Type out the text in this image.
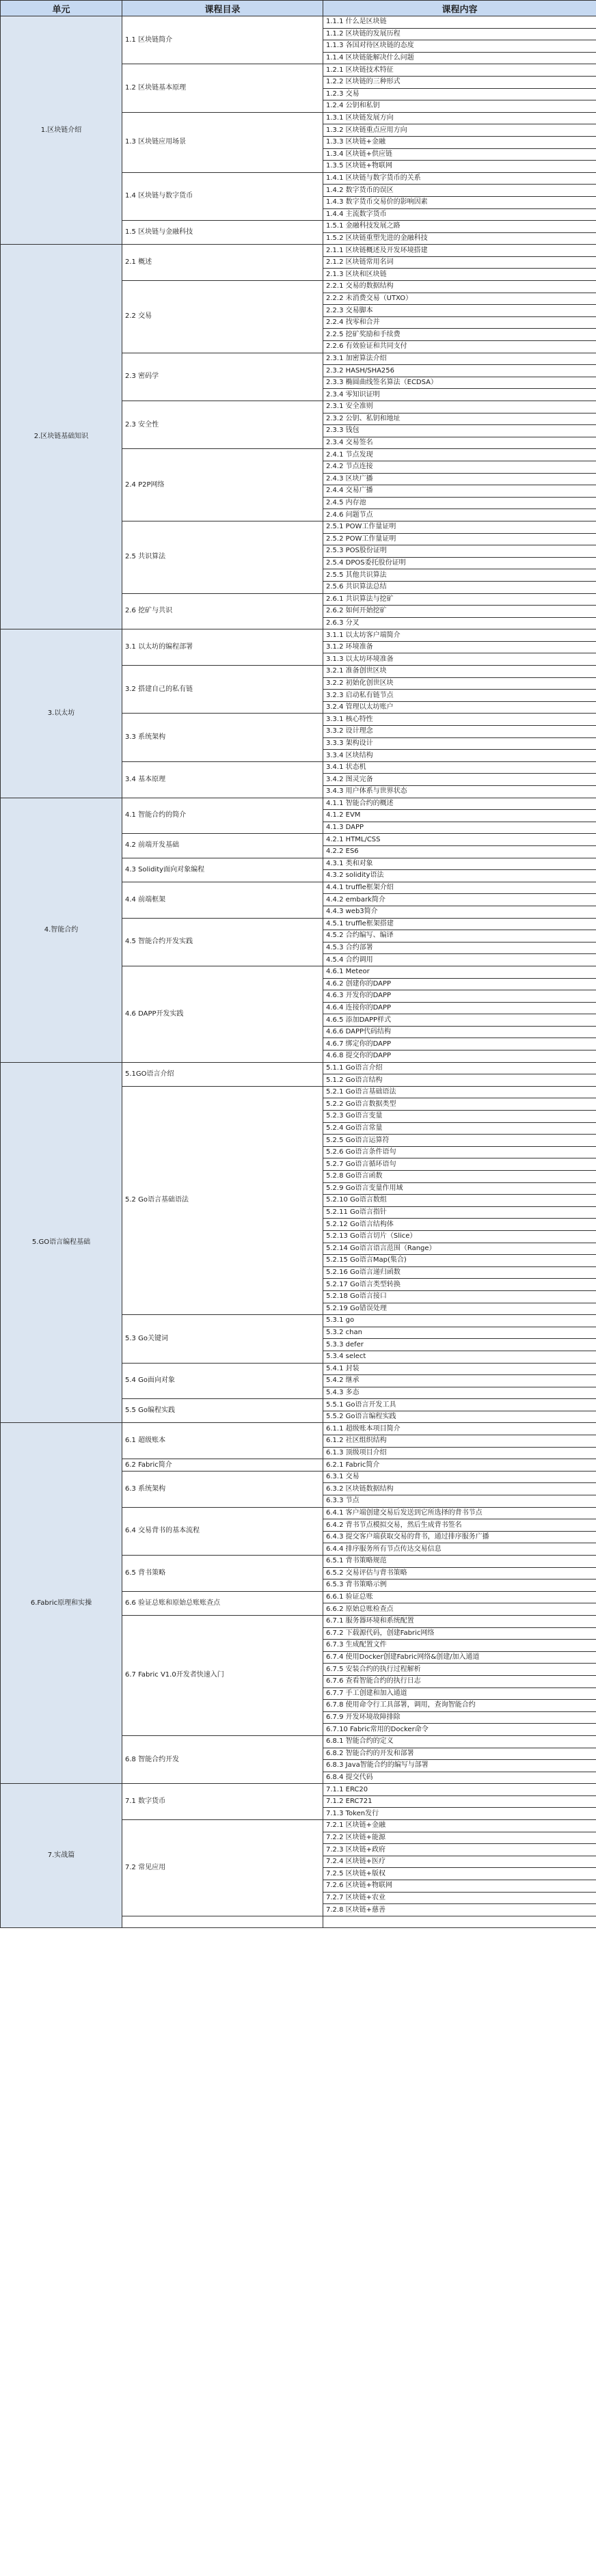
单元	课程目录	课程内容
1.区块链介绍	1.1 区块链简介	1.1.1 什么是区块链
		1.1.2 区块链的发展历程
		1.1.3 各国对待区块链的态度
		1.1.4 区块链能解决什么问题
	1.2 区块链基本原理	1.2.1 区块链技术特征
		1.2.2 区块链的三种形式
		1.2.3 交易
		1.2.4 公钥和私钥
	1.3 区块链应用场景	1.3.1 区块链发展方向
		1.3.2 区块链重点应用方向
		1.3.3 区块链+金融
		1.3.4 区块链+供应链
		1.3.5 区块链+物联网
	1.4 区块链与数字货币	1.4.1 区块链与数字货币的关系
		1.4.2 数字货币的误区
		1.4.3 数字货币交易价的影响因素
		1.4.4 主流数字货币
	1.5 区块链与金融科技	1.5.1 金融科技发展之路
		1.5.2 区块链重塑先进的金融科技
2.区块链基础知识	2.1 概述	2.1.1 区块链概述及开发环境搭建
		2.1.2 区块链常用名词
		2.1.3 区块和区块链
	2.2 交易	2.2.1 交易的数据结构
		2.2.2 未消费交易（UTXO）
		2.2.3 交易脚本
		2.2.4 找零和合并
		2.2.5 挖矿奖励和手续费
		2.2.6 有效验证和共同支付
	2.3 密码学	2.3.1 加密算法介绍
		2.3.2 HASH/SHA256
		2.3.3 椭圆曲线签名算法（ECDSA）
		2.3.4 零知识证明
	2.3 安全性	2.3.1 安全准则
		2.3.2 公钥、私钥和地址
		2.3.3 钱包
		2.3.4 交易签名
	2.4 P2P网络	2.4.1 节点发现
		2.4.2 节点连接
		2.4.3 区块广播
		2.4.4 交易广播
		2.4.5 内存池
		2.4.6 问题节点
	2.5 共识算法	2.5.1 POW工作量证明
		2.5.2 POW工作量证明
		2.5.3 POS股份证明
		2.5.4 DPOS委托股份证明
		2.5.5 其他共识算法
		2.5.6 共识算法总结
	2.6 挖矿与共识	2.6.1 共识算法与挖矿
		2.6.2 如何开始挖矿
		2.6.3 分叉
3.以太坊	3.1 以太坊的编程部署	3.1.1 以太坊客户端简介
		3.1.2 环境准备
		3.1.3 以太坊环境准备
	3.2 搭建自己的私有链	3.2.1 准备创世区块
		3.2.2 初始化创世区块
		3.2.3 启动私有链节点
		3.2.4 管理以太坊账户
	3.3 系统架构	3.3.1 核心特性
		3.3.2 设计理念
		3.3.3 架构设计
		3.3.4 区块结构
	3.4 基本原理	3.4.1 状态机
		3.4.2 图灵完备
		3.4.3 用户体系与世界状态
4.智能合约	4.1 智能合约的简介	4.1.1 智能合约的概述
		4.1.2 EVM
		4.1.3 DAPP
	4.2 前端开发基础	4.2.1 HTML/CSS
		4.2.2 ES6
	4.3 Solidity面向对象编程	4.3.1 类和对象
		4.3.2 solidity语法
	4.4 前端框架	4.4.1 truffle框架介绍
		4.4.2 embark简介
		4.4.3 web3简介
	4.5 智能合约开发实践	4.5.1 truffle框架搭建
		4.5.2 合约编写、编译
		4.5.3 合约部署
		4.5.4 合约调用
	4.6 DAPP开发实践	4.6.1 Meteor
		4.6.2 创建你的DAPP
		4.6.3 开发你的DAPP
		4.6.4 连接你的DAPP
		4.6.5 添加DAPP样式
		4.6.6 DAPP代码结构
		4.6.7 绑定你的DAPP
		4.6.8 提交你的DAPP
5.GO语言编程基础	5.1GO语言介绍	5.1.1 Go语言介绍
		5.1.2 Go语言结构
	5.2 Go语言基础语法	5.2.1 Go语言基础语法
		5.2.2 Go语言数据类型
		5.2.3 Go语言变量
		5.2.4 Go语言常量
		5.2.5 Go语言运算符
		5.2.6 Go语言条件语句
		5.2.7 Go语言循环语句
		5.2.8 Go语言函数
		5.2.9 Go语言变量作用域
		5.2.10 Go语言数组
		5.2.11 Go语言指针
		5.2.12 Go语言结构体
		5.2.13 Go语言切片（Slice）
		5.2.14 Go语言语言范围（Range）
		5.2.15 Go语言Map(集合)
		5.2.16 Go语言递归函数
		5.2.17 Go语言类型转换
		5.2.18 Go语言接口
		5.2.19 Go错误处理
	5.3 Go关键词	5.3.1 go
		5.3.2 chan
		5.3.3 defer
		5.3.4 select
	5.4 Go面向对象	5.4.1 封装
		5.4.2 继承
		5.4.3 多态
	5.5 Go编程实践	5.5.1 Go语言开发工具
		5.5.2 Go语言编程实践
6.Fabric原理和实操	6.1 超级账本	6.1.1 超级账本项目简介
		6.1.2 社区组织结构
		6.1.3 顶级项目介绍
	6.2 Fabric简介	6.2.1 Fabric简介
	6.3 系统架构	6.3.1 交易
		6.3.2 区块链数据结构
		6.3.3 节点
	6.4 交易背书的基本流程	6.4.1 客户端创建交易后发送到它所选择的背书节点
		6.4.2 背书节点模拟交易，然后生成背书签名
		6.4.3 提交客户端获取交易的背书，通过排序服务广播
		6.4.4 排序服务所有节点传达交易信息
	6.5 背书策略	6.5.1 背书策略规范
		6.5.2 交易评估与背书策略
		6.5.3 背书策略示例
	6.6 验证总账和原始总账账查点	6.6.1 验证总账
		6.6.2 原始总账检查点
	6.7 Fabric V1.0开发者快速入门	6.7.1 服务器环境和系统配置
		6.7.2 下载源代码，创建Fabric网络
		6.7.3 生成配置文件
		6.7.4 使用Docker创建Fabric网络&创建/加入通道
		6.7.5 安装合约的执行过程解析
		6.7.6 查看智能合约的执行日志
		6.7.7 手工创建和加入通道
		6.7.8 使用命令行工具部署，调用，查询智能合约
		6.7.9 开发环境故障排除
		6.7.10 Fabric常用的Docker命令
	6.8 智能合约开发	6.8.1 智能合约的定义
		6.8.2 智能合约的开发和部署
		6.8.3 Java智能合约的编写与部署
		6.8.4 提交代码
7.实战篇	7.1 数字货币	7.1.1 ERC20
		7.1.2 ERC721
		7.1.3 Token发行
	7.2 常见应用	7.2.1 区块链+金融
		7.2.2 区块链+能源
		7.2.3 区块链+政府
		7.2.4 区块链+医疗
		7.2.5 区块链+版权
		7.2.6 区块链+物联网
		7.2.7 区块链+农业
		7.2.8 区块链+慈善
